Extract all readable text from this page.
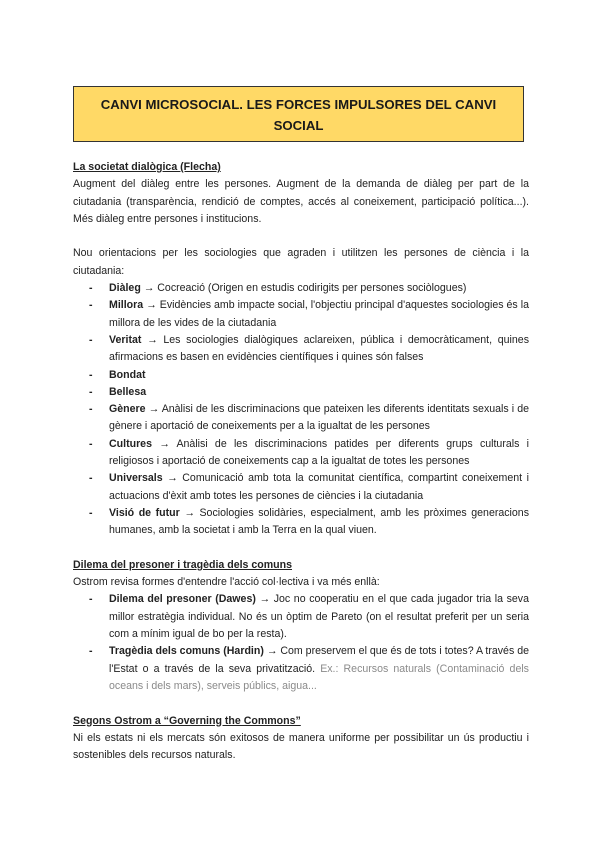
CANVI MICROSOCIAL. LES FORCES IMPULSORES DEL CANVI
SOCIAL

La societat dialògica (Flecha)

Augment del diàleg entre les persones. Augment de la demanda de diàleg per part de la ciutadania (transparència, rendició de comptes, accés al coneixement, participació política...). Més diàleg entre persones i institucions.

Nou orientacions per les sociologies que agraden i utilitzen les persones de ciència i la ciutadania:

- Diàleg → Cocreació (Origen en estudis codirigits per persones sociòlogues)
- Millora → Evidències amb impacte social, l'objectiu principal d'aquestes sociologies és la millora de les vides de la ciutadania
- Veritat → Les sociologies dialògiques aclareixen, pública i democràticament, quines afirmacions es basen en evidències científiques i quines són falses
- Bondat
- Bellesa
- Gènere → Anàlisi de les discriminacions que pateixen les diferents identitats sexuals i de gènere i aportació de coneixements per a la igualtat de les persones
- Cultures → Anàlisi de les discriminacions patides per diferents grups culturals i religiosos i aportació de coneixements cap a la igualtat de totes les persones
- Universals → Comunicació amb tota la comunitat científica, compartint coneixement i actuacions d'èxit amb totes les persones de ciències i la ciutadania
- Visió de futur → Sociologies solidàries, especialment, amb les pròximes generacions humanes, amb la societat i amb la Terra en la qual viuen.

Dilema del presoner i tragèdia dels comuns

Ostrom revisa formes d'entendre l'acció col·lectiva i va més enllà:

- Dilema del presoner (Dawes) → Joc no cooperatiu en el que cada jugador tria la seva millor estratègia individual. No és un òptim de Pareto (on el resultat preferit per un seria com a mínim igual de bo per la resta).
- Tragèdia dels comuns (Hardin) → Com preservem el que és de tots i totes? A través de l'Estat o a través de la seva privatització. Ex.: Recursos naturals (Contaminació dels oceans i dels mars), serveis públics, aigua...

Segons Ostrom a “Governing the Commons”

Ni els estats ni els mercats són exitosos de manera uniforme per possibilitar un ús productiu i sostenibles dels recursos naturals.
